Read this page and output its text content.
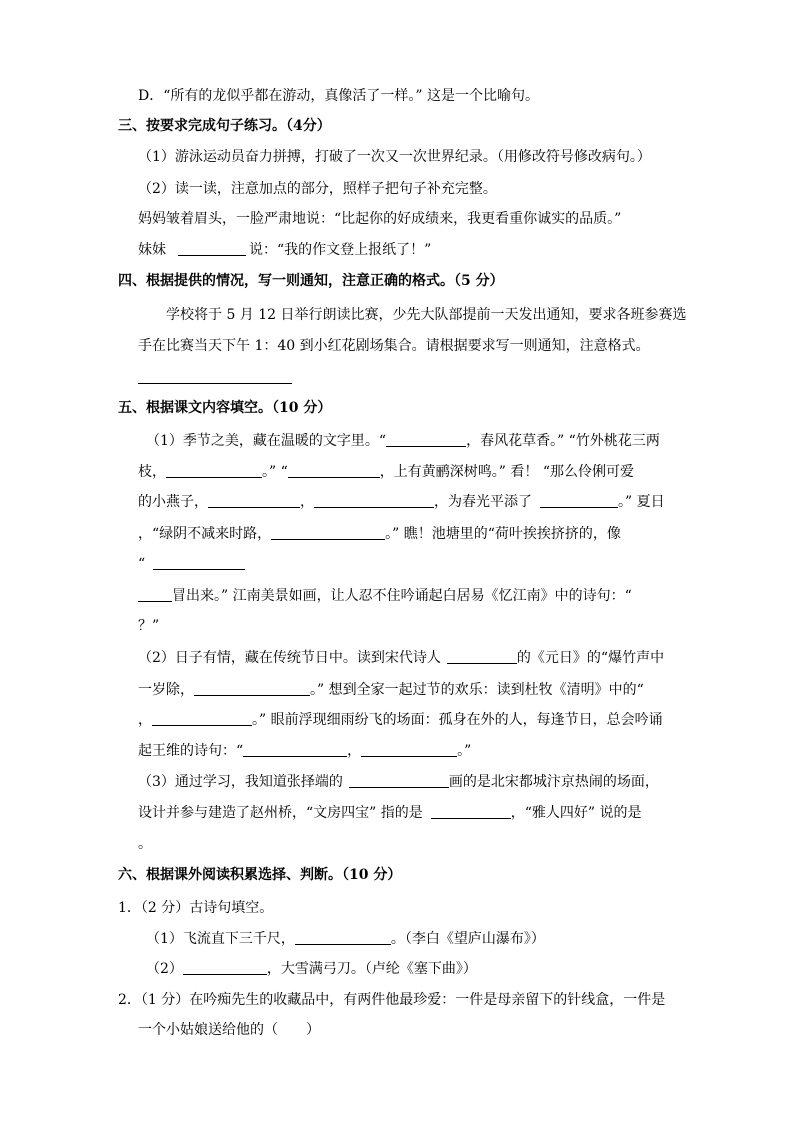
D．“所有的龙似乎都在游动，真像活了一样。” 这是一个比喻句。
三、按要求完成句子练习。（4分）
（1）游泳运动员奋力拼搏，打破了一次又一次世界纪录。（用修改符号修改病句。）
（2）读一读，注意加点的部分，照样子把句子补充完整。
妈妈皱着眉头，一脸严肃地说：“比起你的好成绩来，我更看重你诚实的品质。”
妹妹	说：“我的作文登上报纸了！”
四、根据提供的情况，写一则通知，注意正确的格式。（5 分）
学校将于 5 月 12 日举行朗读比赛，少先大队部提前一天发出通知，要求各班参赛选
手在比赛当天下午 1：40 到小红花剧场集合。请根据要求写一则通知，注意格式。
五、根据课文内容填空。（10 分）
（1）季节之美，藏在温暖的文字里。“	，春风花草香。” “竹外桃花三两
枝，	。” “	，上有黄鹂深树鸣。” 看！ “那么伶俐可爱
的小燕子，	，	，为春光平添了	。” 夏日
，“绿阴不减来时路，	。” 瞧！池塘里的“荷叶挨挨挤挤的，像
“
冒出来。” 江南美景如画，让人忍不住吟诵起白居易《忆江南》中的诗句：“
？”
（2）日子有情，藏在传统节日中。读到宋代诗人	的《元日》的“爆竹声中
一岁除，	。” 想到全家一起过节的欢乐：读到杜牧《清明》中的“
，	。” 眼前浮现细雨纷飞的场面：孤身在外的人，每逢节日，总会吟诵
起王维的诗句：“	，	。”
（3）通过学习，我知道张择端的	画的是北宋都城汴京热闹的场面，
设计并参与建造了赵州桥，“文房四宝” 指的是	，“雅人四好” 说的是
。
六、根据课外阅读积累选择、判断。（10 分）
1．（2 分）古诗句填空。
（1）飞流直下三千尺，	。（李白《望庐山瀑布》）
（2）	，大雪满弓刀。（卢纶《塞下曲》）
2．（1 分）在吟痴先生的收藏品中，有两件他最珍爱：一件是母亲留下的针线盒，一件是
一个小姑娘送给他的（　　）
